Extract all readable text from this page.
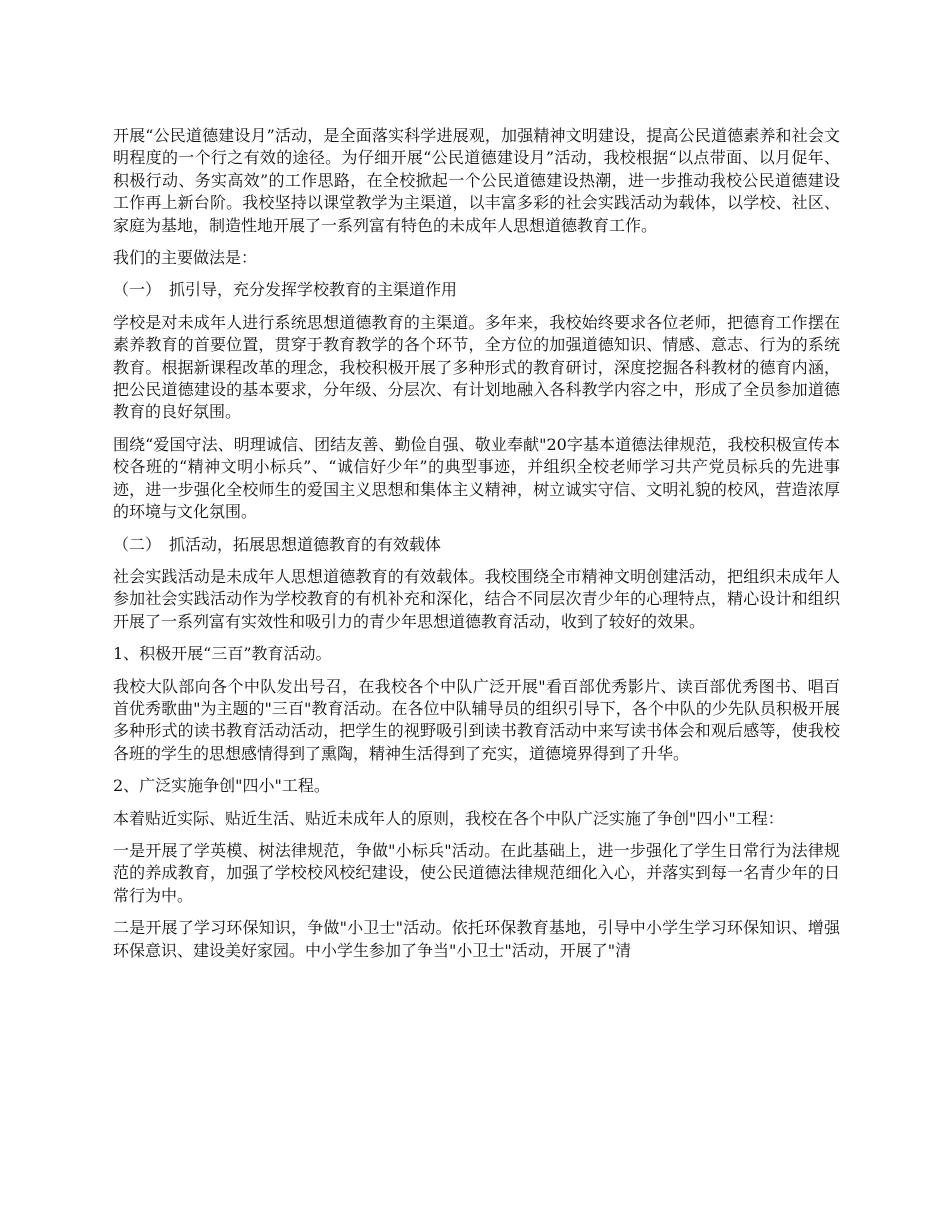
开展“公民道德建设月”活动，是全面落实科学进展观，加强精神文明建设，提高公民道德素养和社会文明程度的一个行之有效的途径。为仔细开展“公民道德建设月”活动，我校根据“以点带面、以月促年、积极行动、务实高效”的工作思路，在全校掀起一个公民道德建设热潮，进一步推动我校公民道德建设工作再上新台阶。我校坚持以课堂教学为主渠道，以丰富多彩的社会实践活动为载体，以学校、社区、家庭为基地，制造性地开展了一系列富有特色的未成年人思想道德教育工作。

我们的主要做法是：

（一）　抓引导，充分发挥学校教育的主渠道作用

学校是对未成年人进行系统思想道德教育的主渠道。多年来，我校始终要求各位老师，把德育工作摆在素养教育的首要位置，贯穿于教育教学的各个环节，全方位的加强道德知识、情感、意志、行为的系统教育。根据新课程改革的理念，我校积极开展了多种形式的教育研讨，深度挖掘各科教材的德育内涵，把公民道德建设的基本要求，分年级、分层次、有计划地融入各科教学内容之中，形成了全员参加道德教育的良好氛围。

围绕“爱国守法、明理诚信、团结友善、勤俭自强、敬业奉献"20字基本道德法律规范，我校积极宣传本校各班的“精神文明小标兵”、“诚信好少年”的典型事迹，并组织全校老师学习共产党员标兵的先进事迹，进一步强化全校师生的爱国主义思想和集体主义精神，树立诚实守信、文明礼貌的校风，营造浓厚的环境与文化氛围。

（二）　抓活动，拓展思想道德教育的有效载体

社会实践活动是未成年人思想道德教育的有效载体。我校围绕全市精神文明创建活动，把组织未成年人参加社会实践活动作为学校教育的有机补充和深化，结合不同层次青少年的心理特点，精心设计和组织开展了一系列富有实效性和吸引力的青少年思想道德教育活动，收到了较好的效果。

1、积极开展“三百”教育活动。

我校大队部向各个中队发出号召，在我校各个中队广泛开展"看百部优秀影片、读百部优秀图书、唱百首优秀歌曲"为主题的"三百"教育活动。在各位中队辅导员的组织引导下，各个中队的少先队员积极开展多种形式的读书教育活动活动，把学生的视野吸引到读书教育活动中来写读书体会和观后感等，使我校各班的学生的思想感情得到了熏陶，精神生活得到了充实，道德境界得到了升华。

2、广泛实施争创"四小"工程。

本着贴近实际、贴近生活、贴近未成年人的原则，我校在各个中队广泛实施了争创"四小"工程：

一是开展了学英模、树法律规范，争做"小标兵"活动。在此基础上，进一步强化了学生日常行为法律规范的养成教育，加强了学校校风校纪建设，使公民道德法律规范细化入心，并落实到每一名青少年的日常行为中。

二是开展了学习环保知识，争做"小卫士"活动。依托环保教育基地，引导中小学生学习环保知识、增强环保意识、建设美好家园。中小学生参加了争当"小卫士"活动，开展了"清
